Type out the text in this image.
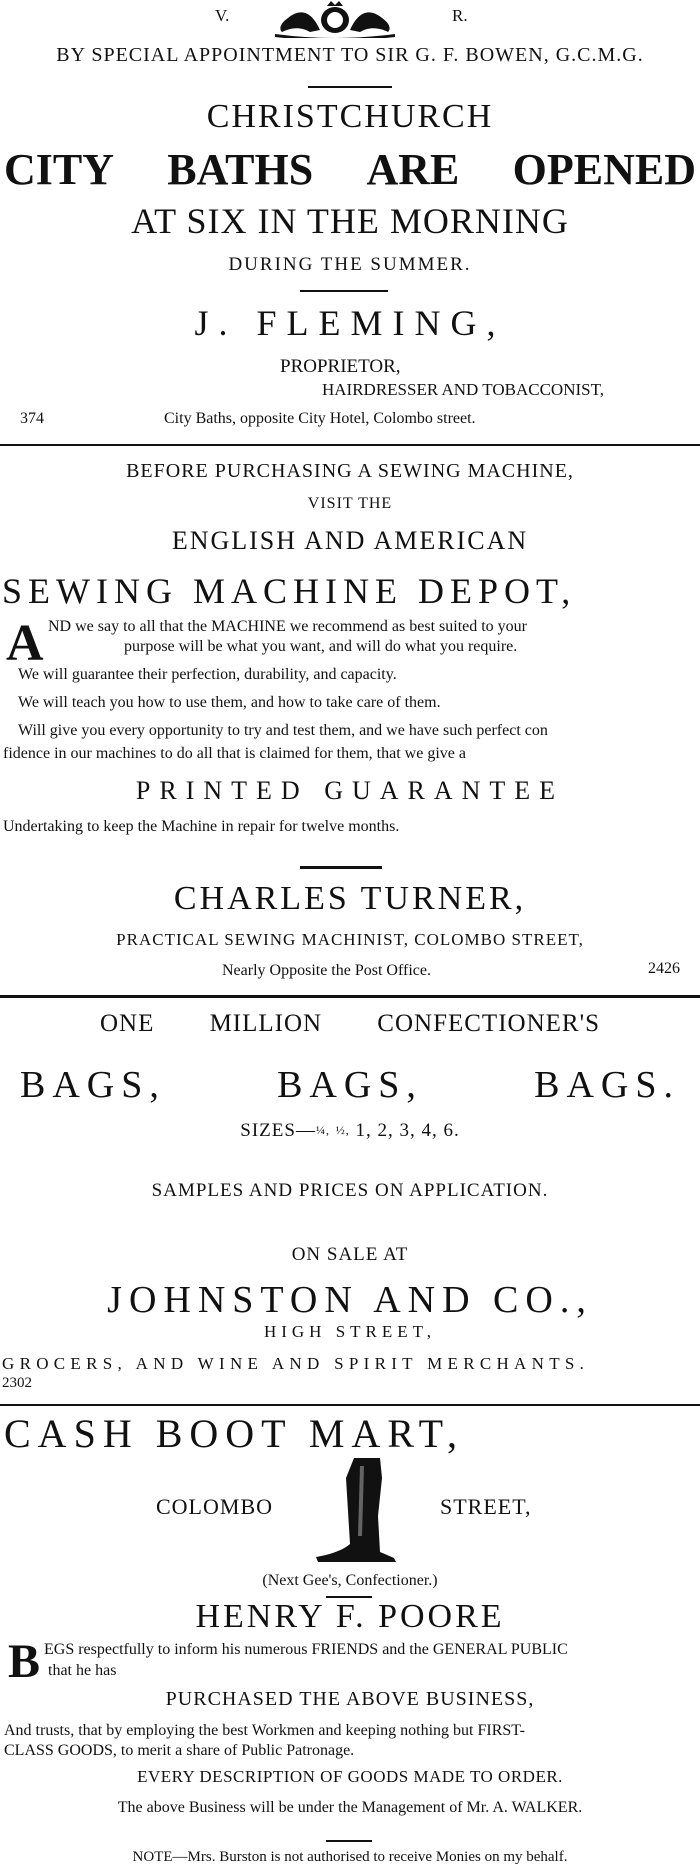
V.	R.
BY SPECIAL APPOINTMENT TO SIR G. F. BOWEN, G.C.M.G.
CHRISTCHURCH
CITY BATHS ARE OPENED
AT SIX IN THE MORNING
DURING THE SUMMER.
J. FLEMING,
PROPRIETOR,
HAIRDRESSER AND TOBACCONIST,
374	City Baths, opposite City Hotel, Colombo street.
BEFORE PURCHASING A SEWING MACHINE,
VISIT THE
ENGLISH AND AMERICAN
SEWING MACHINE DEPOT,
A ND we say to all that the MACHINE we recommend as best suited to your
purpose will be what you want, and will do what you require.
We will guarantee their perfection, durability, and capacity.
We will teach you how to use them, and how to take care of them.
Will give you every opportunity to try and test them, and we have such perfect con
fidence in our machines to do all that is claimed for them, that we give a
PRINTED GUARANTEE
Undertaking to keep the Machine in repair for twelve months.
CHARLES TURNER,
PRACTICAL SEWING MACHINIST, COLOMBO STREET,
Nearly Opposite the Post Office.	2426
ONE MILLION CONFECTIONER'S
BAGS,	BAGS,	BAGS.
SIZES—¼, ½, 1, 2, 3, 4, 6.
SAMPLES AND PRICES ON APPLICATION.
ON SALE AT
JOHNSTON AND CO.,
HIGH STREET,
GROCERS, AND WINE AND SPIRIT MERCHANTS.
2302
CASH BOOT MART,
COLOMBO	STREET,
(Next Gee's, Confectioner.)
HENRY F. POORE
B EGS respectfully to inform his numerous FRIENDS and the GENERAL PUBLIC
that he has
PURCHASED THE ABOVE BUSINESS,
And trusts, that by employing the best Workmen and keeping nothing but FIRST-
CLASS GOODS, to merit a share of Public Patronage.
EVERY DESCRIPTION OF GOODS MADE TO ORDER.
The above Business will be under the Management of Mr. A. WALKER.
NOTE—Mrs. Burston is not authorised to receive Monies on my behalf.
